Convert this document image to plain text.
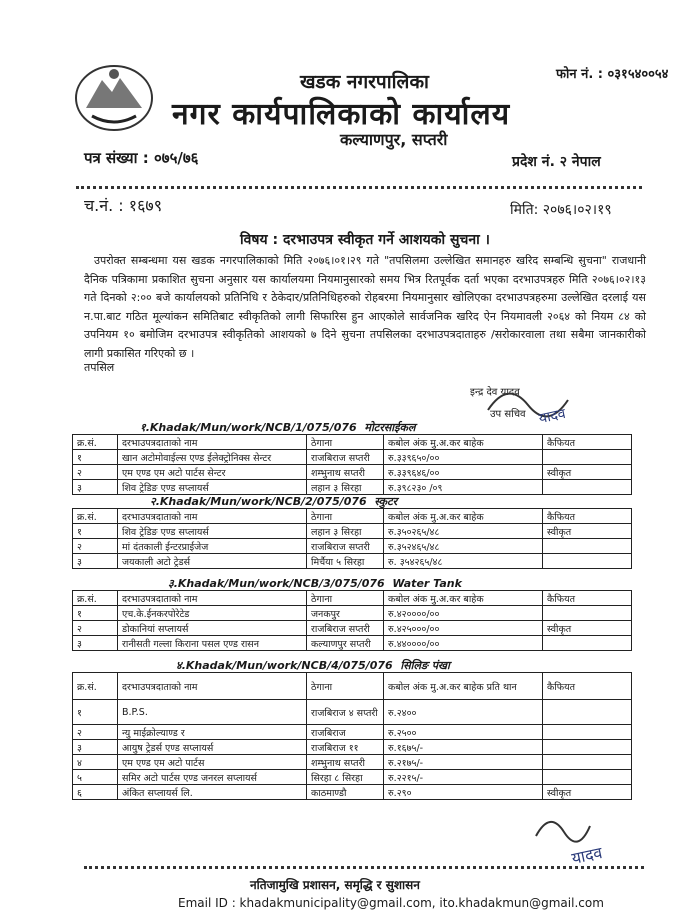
खडक नगरपालिका	फोन नं. : ०३१५४००५४
नगर कार्यपालिकाको कार्यालय
कल्याणपुर, सप्तरी
पत्र संख्या : ०७५/७६	प्रदेश नं. २ नेपाल
च.नं. : १६७९	मिति: २०७६।०२।१९
विषय : दरभाउपत्र स्वीकृत गर्ने आशयको सुचना ।
उपरोक्त सम्बन्धमा यस खडक नगरपालिकाको मिति २०७६।०१।२९ गते "तपसिलमा उल्लेखित समानहरु खरिद सम्बन्धि सुचना" राजधानी दैनिक पत्रिकामा प्रकाशित सुचना अनुसार यस कार्यालयमा नियमानुसारको समय भित्र रितपूर्वक दर्ता भएका दरभाउपत्रहरु मिति २०७६।०२।१३ गते दिनको २:०० बजे कार्यालयको प्रतिनिधि र ठेकेदार/प्रतिनिधिहरुको रोहबरमा नियमानुसार खोलिएका दरभाउपत्रहरुमा उल्लेखित दरलाई यस न.पा.बाट गठित मूल्यांकन समितिबाट स्वीकृतिको लागी सिफारिस हुन आएकोले सार्वजनिक खरिद ऐन नियमावली २०६४ को नियम ८४ को उपनियम १० बमोजिम दरभाउपत्र स्वीकृतिको आशयको ७ दिने सुचना तपसिलका दरभाउपत्रदाताहरु /सरोकारवाला तथा सबैमा जानकारीको लागी प्रकासित गरिएको छ ।
तपसिल
इन्द्र देव यादव
उप सचिव यादव
१.Khadak/Mun/work/NCB/1/075/076 मोटरसाईकल
क्र.सं.	दरभाउपत्रदाताको नाम	ठेगाना	कबोल अंक मु.अ.कर बाहेक	कैफियत
१	खान अटोमोवाईल्स एण्ड ईलेक्ट्रोनिक्स सेन्टर	राजबिराज सप्तरी	रु.३३९६५०/००	
२	एम एण्ड एम अटो पार्टस सेन्टर	शम्भुनाथ सप्तरी	रु.३३९६४६/००	स्वीकृत
३	शिव ट्रेडिङ एण्ड सप्लायर्स	लहान ३ सिरहा	रु.३९८२३० /०९	
२.Khadak/Mun/work/NCB/2/075/076 स्कुटर
क्र.सं.	दरभाउपत्रदाताको नाम	ठेगाना	कबोल अंक मु.अ.कर बाहेक	कैफियत
१	शिव ट्रेडिङ एण्ड सप्लायर्स	लहान ३ सिरहा	रु.३५०२६५/४८	स्वीकृत
२	मां दंतकाली ईन्टरप्राईजेज	राजबिराज सप्तरी	रु.३५२४६५/४८	
३	जयकाली अटो ट्रेडर्स	मिर्चैया ५ सिरहा	रु. ३५४२६५/४८	
३.Khadak/Mun/work/NCB/3/075/076 Water Tank
क्र.सं.	दरभाउपत्रदाताको नाम	ठेगाना	कबोल अंक मु.अ.कर बाहेक	कैफियत
१	एच.के.ईनकरपोरेटेड	जनकपुर	रु.४२००००/००	
२	डोकानियां सप्लायर्स	राजबिराज सप्तरी	रु.४२५०००/००	स्वीकृत
३	रानीसती गल्ला किराना पसल एण्ड रासन	कल्याणपुर सप्तरी	रु.४४००००/००	
४.Khadak/Mun/work/NCB/4/075/076 सिलिङ पंखा
क्र.सं.	दरभाउपत्रदाताको नाम	ठेगाना	कबोल अंक मु.अ.कर बाहेक प्रति थान	कैफियत
१	B.P.S.	राजबिराज ४ सप्तरी	रु.२४००	
२	न्यु माईक्रोल्याण्ड र	राजबिराज	रु.२५००	
३	आयुष ट्रेडर्स एण्ड सप्लायर्स	राजबिराज ११	रु.१६७५/-	
४	एम एण्ड एम अटो पार्टस	शम्भुनाथ सप्तरी	रु.२१७५/-	
५	समिर अटो पार्टस एण्ड जनरल सप्लायर्स	सिरहा ८ सिरहा	रु.२२१५/-	
६	अंकित सप्लायर्स लि.	काठमाण्डौ	रु.२९०	स्वीकृत
यादव
नतिजामुखि प्रशासन, समृद्धि र सुशासन
Email ID : khadakmunicipality@gmail.com, ito.khadakmun@gmail.com
